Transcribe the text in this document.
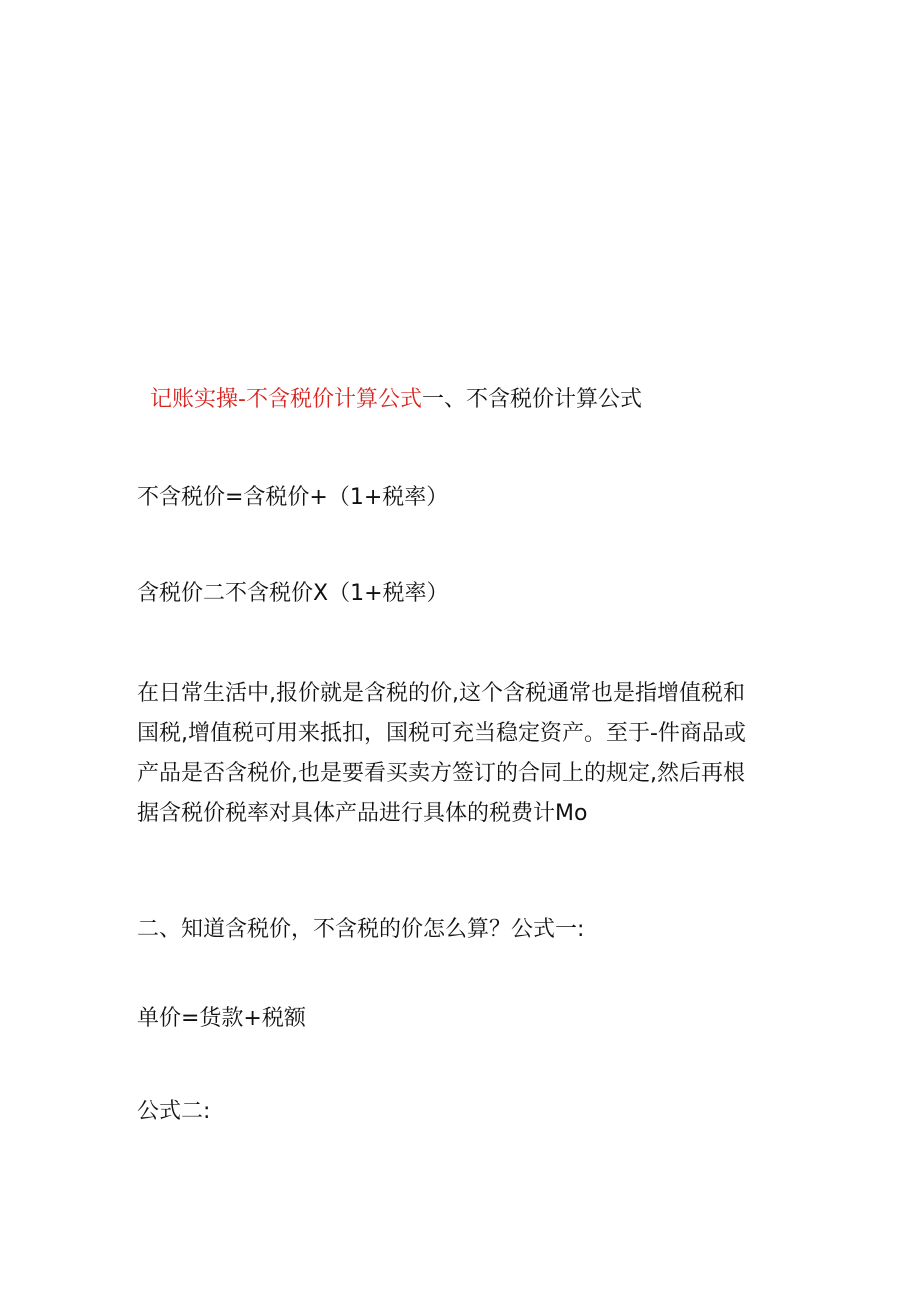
记账实操-不含税价计算公式一、不含税价计算公式
不含税价=含税价+（1+税率）
含税价二不含税价X（1+税率）
在日常生活中,报价就是含税的价,这个含税通常也是指增值税和
国税,增值税可用来抵扣，国税可充当稳定资产。至于-件商品或
产品是否含税价,也是要看买卖方签订的合同上的规定,然后再根
据含税价税率对具体产品进行具体的税费计Mo
二、知道含税价，不含税的价怎么算？公式一:
单价=货款+税额
公式二:
